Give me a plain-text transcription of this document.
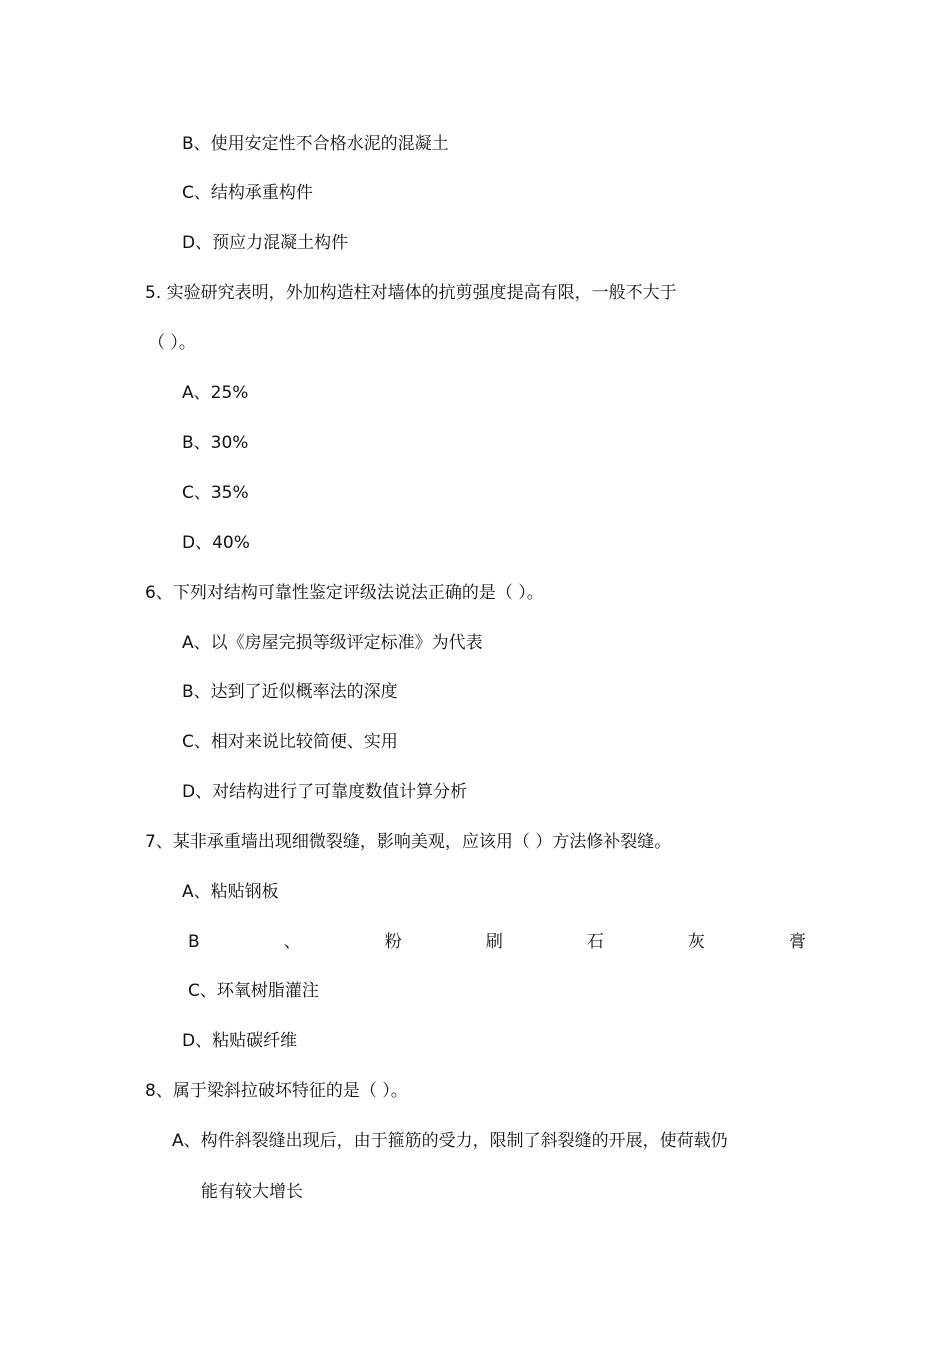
B、使用安定性不合格水泥的混凝土
C、结构承重构件
D、预应力混凝土构件
5. 实验研究表明，外加构造柱对墙体的抗剪强度提高有限，一般不大于
（ ）。
A、25%
B、30%
C、35%
D、40%
6、下列对结构可靠性鉴定评级法说法正确的是（ ）。
A、以《房屋完损等级评定标准》为代表
B、达到了近似概率法的深度
C、相对来说比较简便、实用
D、对结构进行了可靠度数值计算分析
7、某非承重墙出现细微裂缝，影响美观，应该用（ ）方法修补裂缝。
A、粘贴钢板
B	、	粉	刷	石	灰	膏
C、环氧树脂灌注
D、粘贴碳纤维
8、属于梁斜拉破坏特征的是（ ）。
A、构件斜裂缝出现后，由于箍筋的受力，限制了斜裂缝的开展，使荷载仍
能有较大增长
